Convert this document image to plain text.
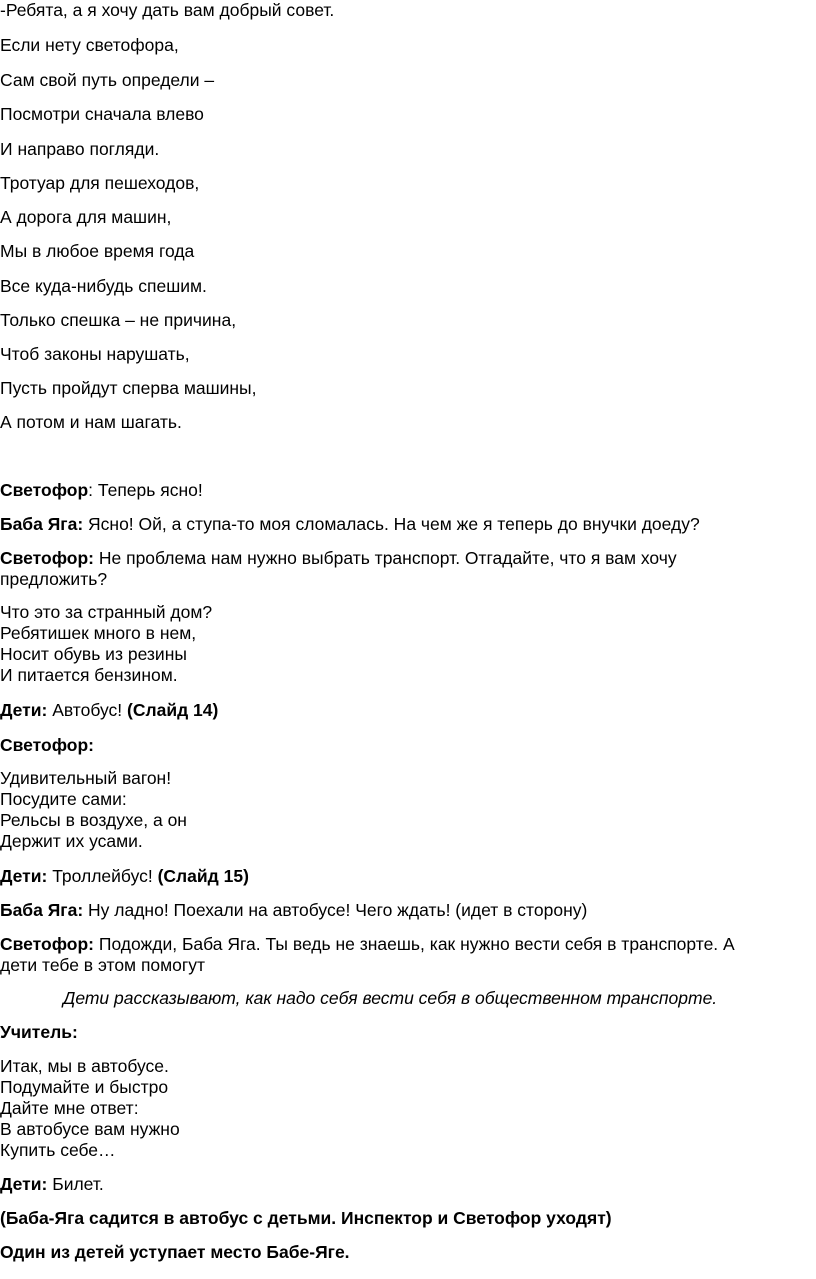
-Ребята, а я хочу дать вам добрый совет.
Если нету светофора,
Сам свой путь определи –
Посмотри сначала влево
И направо погляди.
Тротуар для пешеходов,
А дорога для машин,
Мы в любое время года
Все куда-нибудь спешим.
Только спешка – не причина,
Чтоб законы нарушать,
Пусть пройдут сперва машины,
А потом и нам шагать.
Светофор: Теперь ясно!
Баба Яга: Ясно! Ой, а ступа-то моя сломалась. На чем же я теперь до внучки доеду?
Светофор: Не проблема нам нужно выбрать транспорт. Отгадайте, что я вам хочу
предложить?
Что это за странный дом?
Ребятишек много в нем,
Носит обувь из резины
И питается бензином.
Дети: Автобус! (Слайд 14)
Светофор:
Удивительный вагон!
Посудите сами:
Рельсы в воздухе, а он
Держит их усами.
Дети: Троллейбус! (Слайд 15)
Баба Яга: Ну ладно! Поехали на автобусе! Чего ждать! (идет в сторону)
Светофор: Подожди, Баба Яга. Ты ведь не знаешь, как нужно вести себя в транспорте. А
дети тебе в этом помогут
Дети рассказывают, как надо себя вести себя в общественном транспорте.
Учитель:
Итак, мы в автобусе.
Подумайте и быстро
Дайте мне ответ:
В автобусе вам нужно
Купить себе…
Дети: Билет.
(Баба-Яга садится в автобус с детьми. Инспектор и Светофор уходят)
Один из детей уступает место Бабе-Яге.
